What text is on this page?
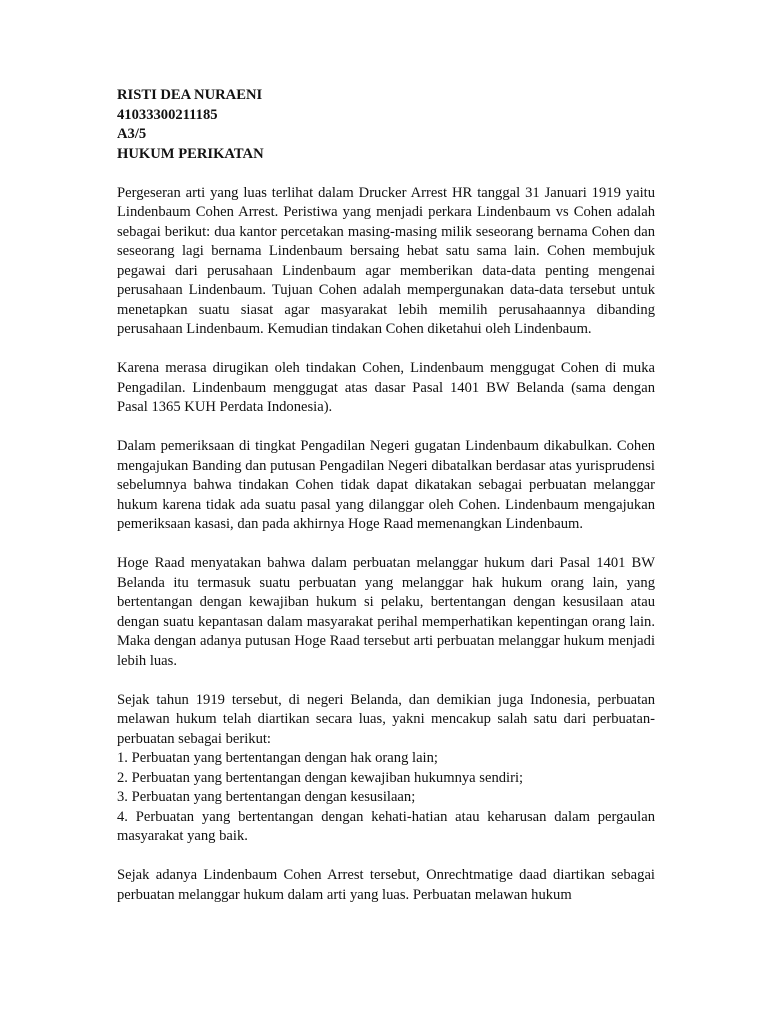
RISTI DEA NURAENI

41033300211185

A3/5

HUKUM PERIKATAN

Pergeseran arti yang luas terlihat dalam Drucker Arrest HR tanggal 31 Januari 1919 yaitu Lindenbaum Cohen Arrest. Peristiwa yang menjadi perkara Lindenbaum vs Cohen adalah sebagai berikut: dua kantor percetakan masing-masing milik seseorang bernama Cohen dan seseorang lagi bernama Lindenbaum bersaing hebat satu sama lain. Cohen membujuk pegawai dari perusahaan Lindenbaum agar memberikan data-data penting mengenai perusahaan Lindenbaum. Tujuan Cohen adalah mempergunakan data-data tersebut untuk menetapkan suatu siasat agar masyarakat lebih memilih perusahaannya dibanding perusahaan Lindenbaum. Kemudian tindakan Cohen diketahui oleh Lindenbaum.

Karena merasa dirugikan oleh tindakan Cohen, Lindenbaum menggugat Cohen di muka Pengadilan. Lindenbaum menggugat atas dasar Pasal 1401 BW Belanda (sama dengan Pasal 1365 KUH Perdata Indonesia).

Dalam pemeriksaan di tingkat Pengadilan Negeri gugatan Lindenbaum dikabulkan. Cohen mengajukan Banding dan putusan Pengadilan Negeri dibatalkan berdasar atas yurisprudensi sebelumnya bahwa tindakan Cohen tidak dapat dikatakan sebagai perbuatan melanggar hukum karena tidak ada suatu pasal yang dilanggar oleh Cohen. Lindenbaum mengajukan pemeriksaan kasasi, dan pada akhirnya Hoge Raad memenangkan Lindenbaum.

Hoge Raad menyatakan bahwa dalam perbuatan melanggar hukum dari Pasal 1401 BW Belanda itu termasuk suatu perbuatan yang melanggar hak hukum orang lain, yang bertentangan dengan kewajiban hukum si pelaku, bertentangan dengan kesusilaan atau dengan suatu kepantasan dalam masyarakat perihal memperhatikan kepentingan orang lain. Maka dengan adanya putusan Hoge Raad tersebut arti perbuatan melanggar hukum menjadi lebih luas.

Sejak tahun 1919 tersebut, di negeri Belanda, dan demikian juga Indonesia, perbuatan melawan hukum telah diartikan secara luas, yakni mencakup salah satu dari perbuatan-perbuatan sebagai berikut:

1. Perbuatan yang bertentangan dengan hak orang lain;
2. Perbuatan yang bertentangan dengan kewajiban hukumnya sendiri;
3. Perbuatan yang bertentangan dengan kesusilaan;
4. Perbuatan yang bertentangan dengan kehati-hatian atau keharusan dalam pergaulan masyarakat yang baik.

Sejak adanya Lindenbaum Cohen Arrest tersebut, Onrechtmatige daad diartikan sebagai perbuatan melanggar hukum dalam arti yang luas. Perbuatan melawan hukum
